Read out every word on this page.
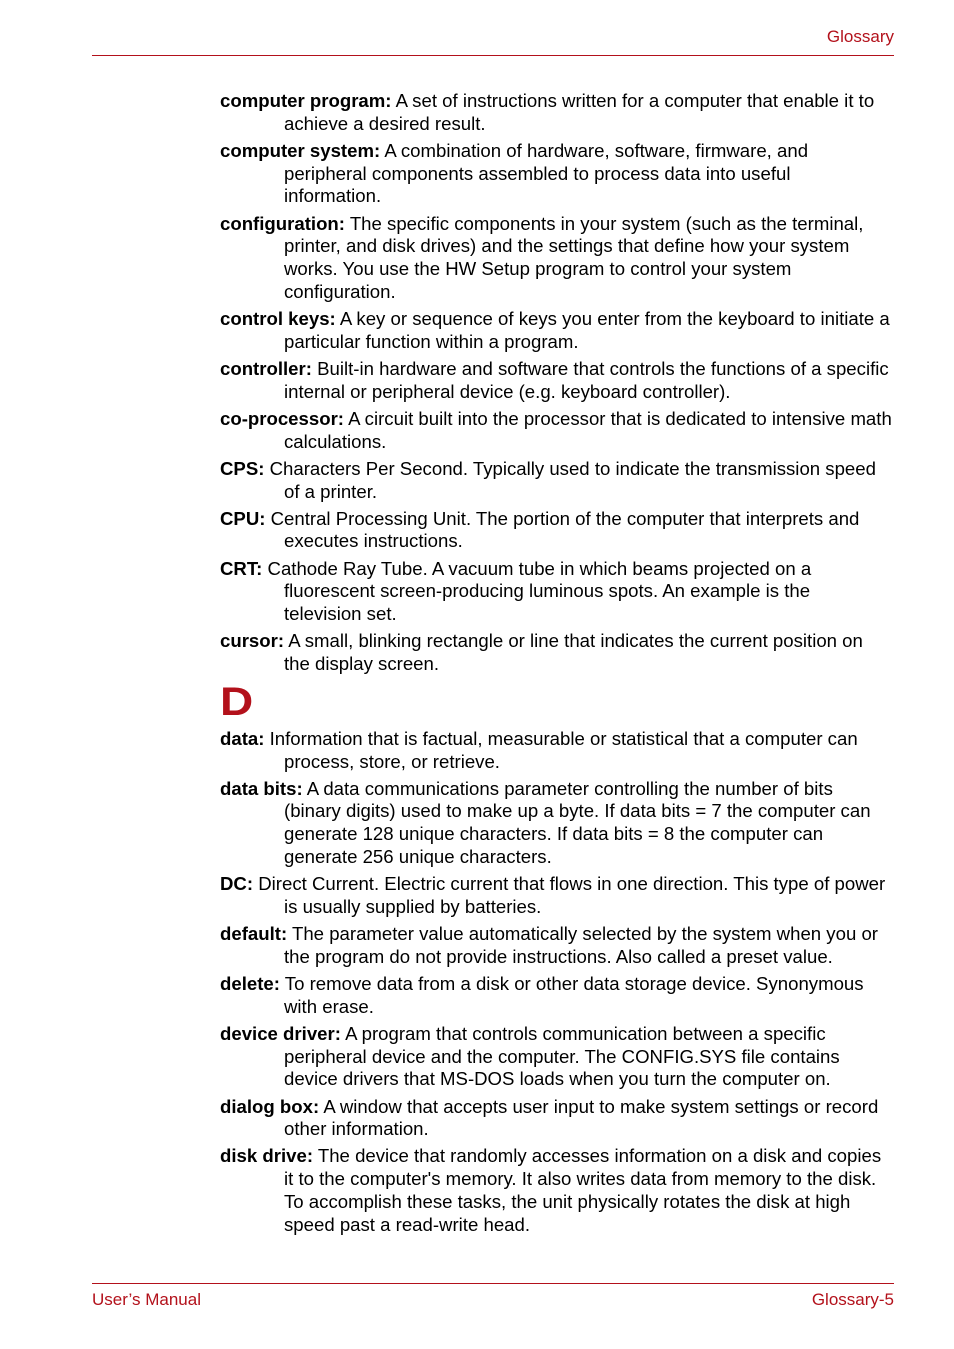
Glossary

computer program: A set of instructions written for a computer that enable it to achieve a desired result.

computer system: A combination of hardware, software, firmware, and peripheral components assembled to process data into useful information.

configuration: The specific components in your system (such as the terminal, printer, and disk drives) and the settings that define how your system works. You use the HW Setup program to control your system configuration.

control keys: A key or sequence of keys you enter from the keyboard to initiate a particular function within a program.

controller: Built-in hardware and software that controls the functions of a specific internal or peripheral device (e.g. keyboard controller).

co-processor: A circuit built into the processor that is dedicated to intensive math calculations.

CPS: Characters Per Second. Typically used to indicate the transmission speed of a printer.

CPU: Central Processing Unit. The portion of the computer that interprets and executes instructions.

CRT: Cathode Ray Tube. A vacuum tube in which beams projected on a fluorescent screen-producing luminous spots. An example is the television set.

cursor: A small, blinking rectangle or line that indicates the current position on the display screen.

D

data: Information that is factual, measurable or statistical that a computer can process, store, or retrieve.

data bits: A data communications parameter controlling the number of bits (binary digits) used to make up a byte. If data bits = 7 the computer can generate 128 unique characters. If data bits = 8 the computer can generate 256 unique characters.

DC: Direct Current. Electric current that flows in one direction. This type of power is usually supplied by batteries.

default: The parameter value automatically selected by the system when you or the program do not provide instructions. Also called a preset value.

delete: To remove data from a disk or other data storage device. Synonymous with erase.

device driver: A program that controls communication between a specific peripheral device and the computer. The CONFIG.SYS file contains device drivers that MS-DOS loads when you turn the computer on.

dialog box: A window that accepts user input to make system settings or record other information.

disk drive: The device that randomly accesses information on a disk and copies it to the computer's memory. It also writes data from memory to the disk. To accomplish these tasks, the unit physically rotates the disk at high speed past a read-write head.

User’s Manual	Glossary-5
